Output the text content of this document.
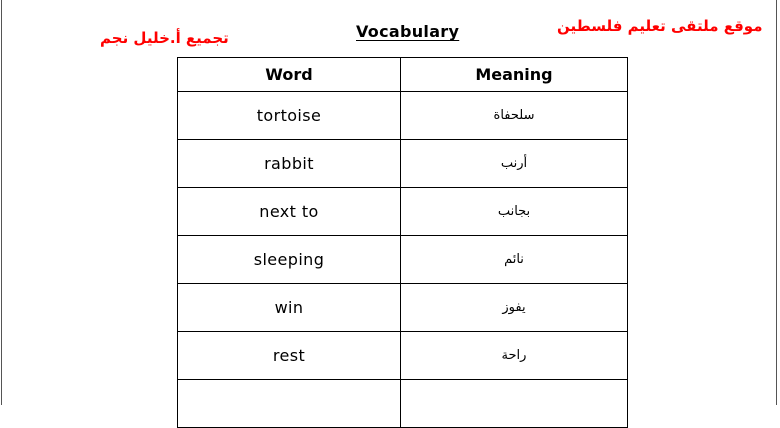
تجميع أ.خليل نجم	Vocabulary	موقع ملتقى تعليم فلسطين
Word	Meaning
tortoise	سلحفاة
rabbit	أرنب
next to	بجانب
sleeping	نائم
win	يفوز
rest	راحة
